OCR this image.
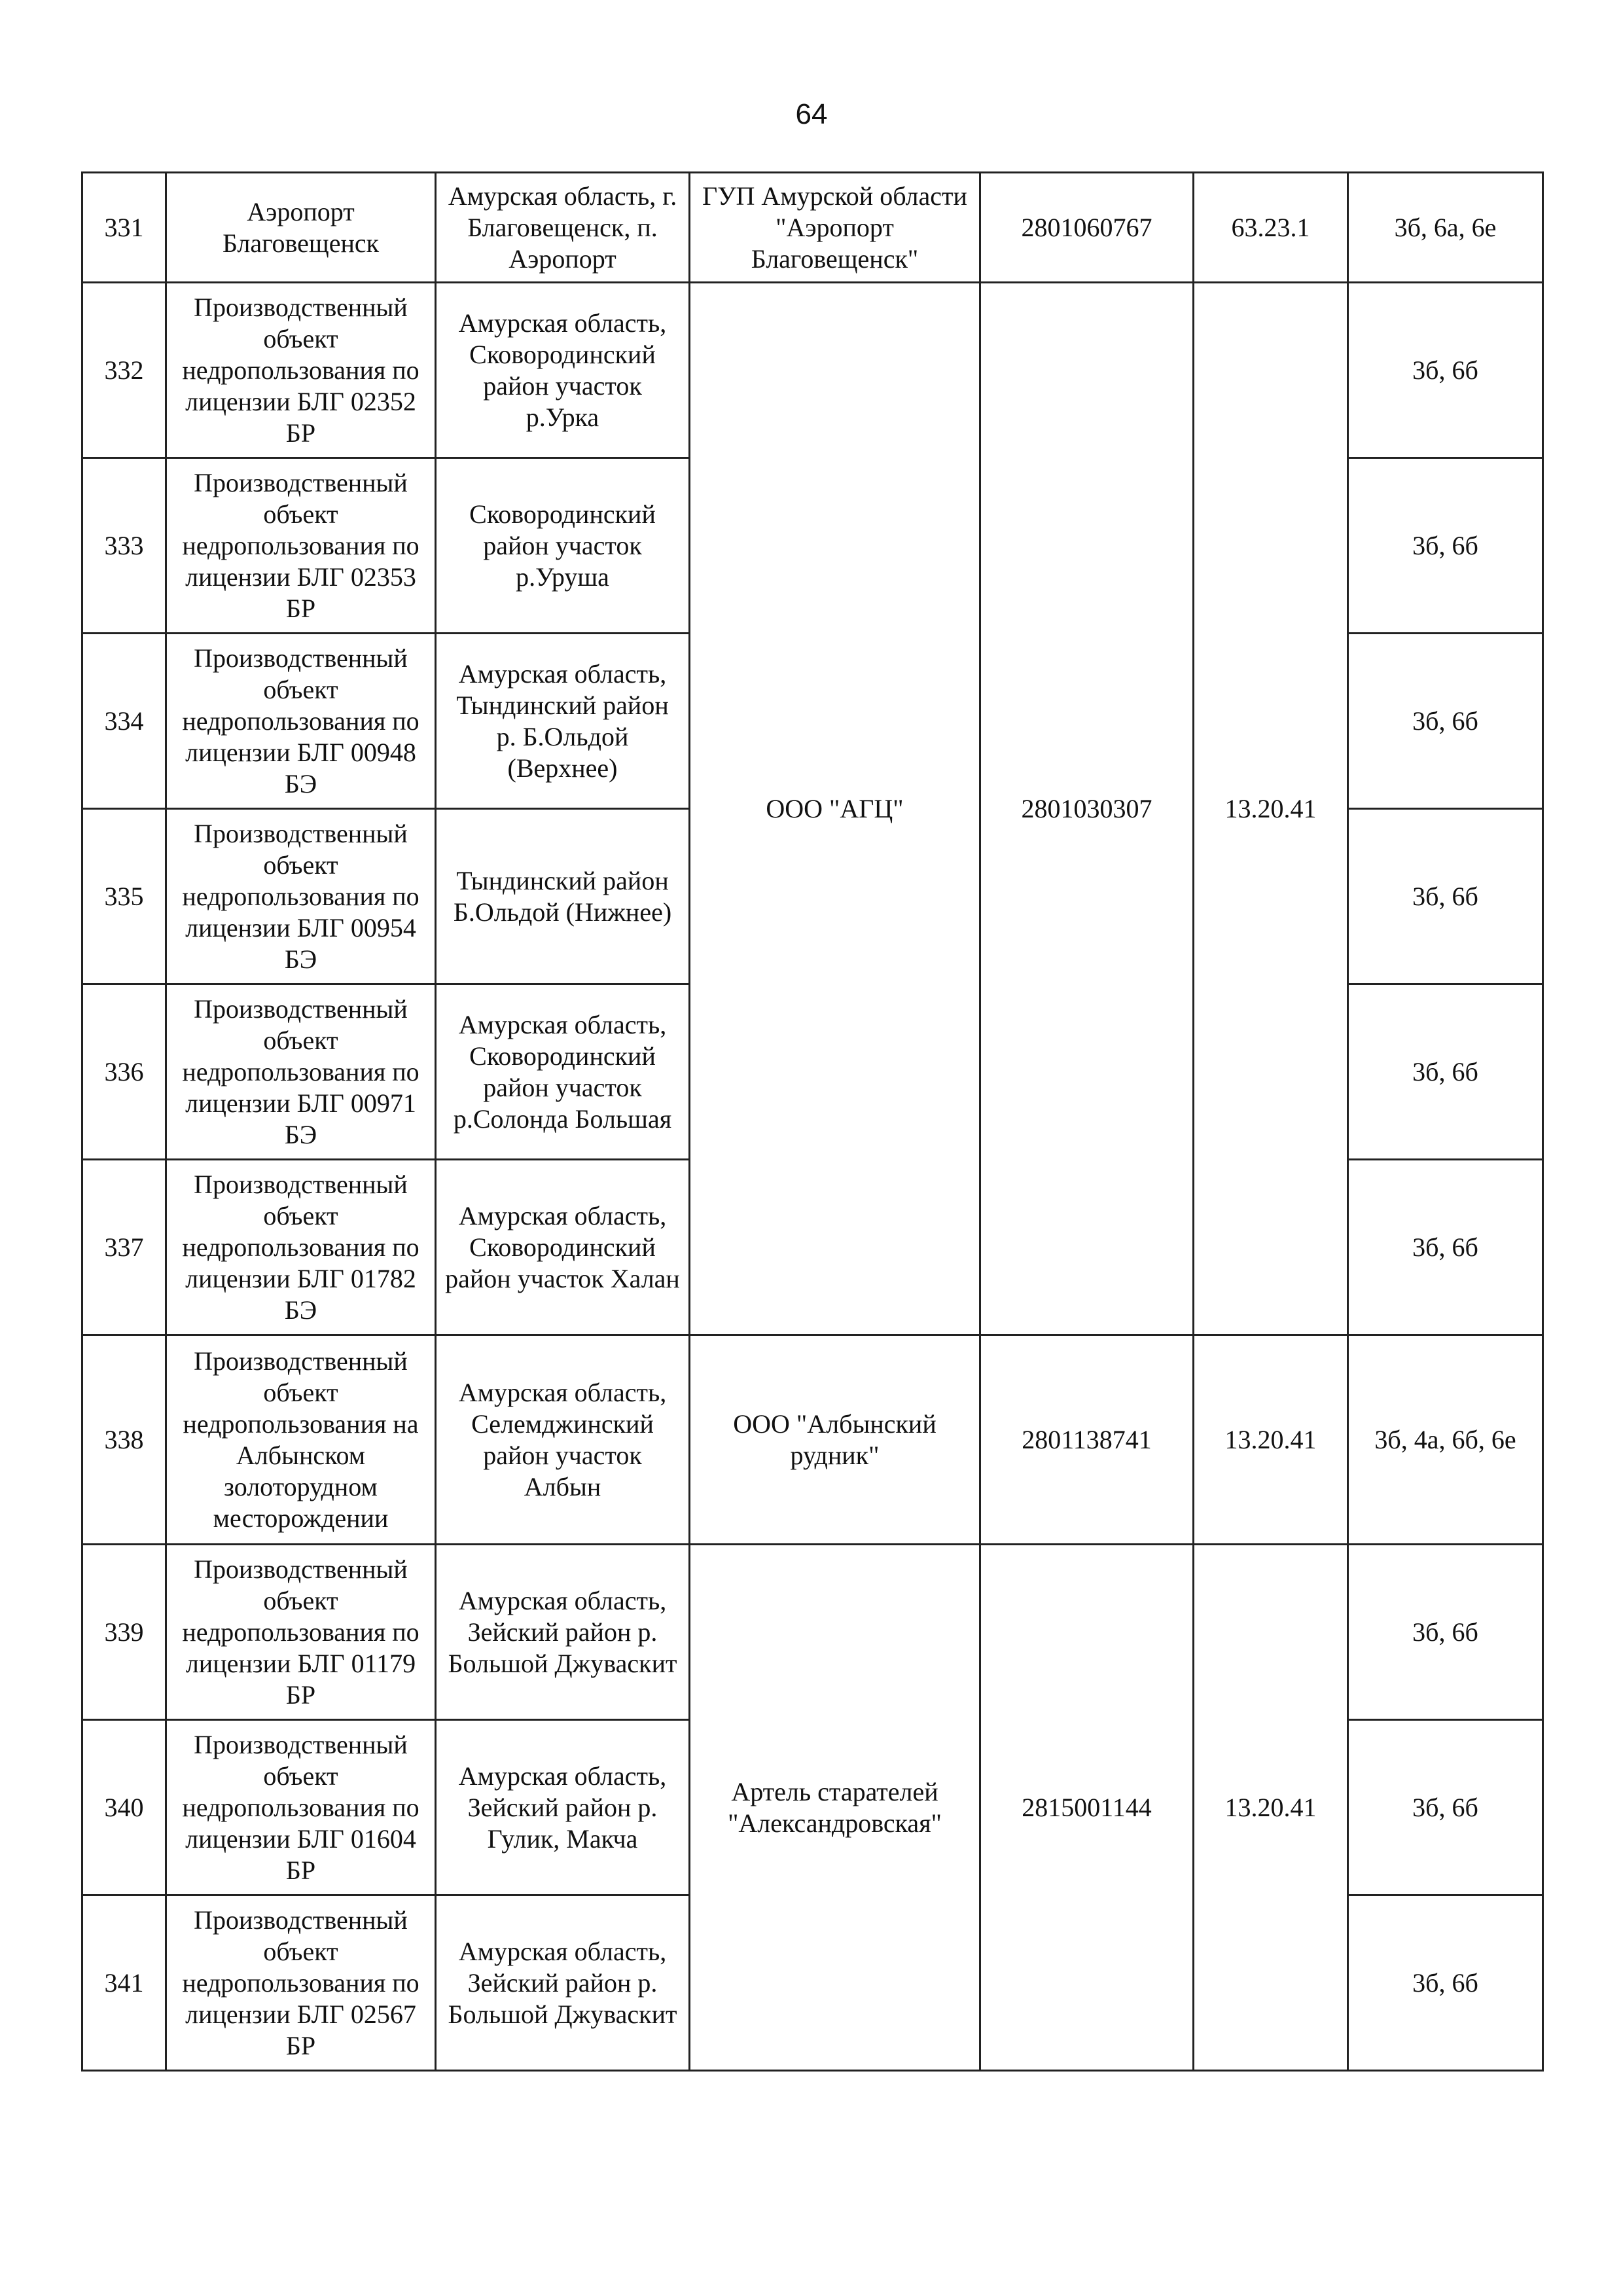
64
331	Аэропорт Благовещенск	Амурская область, г. Благовещенск, п. Аэропорт	ГУП Амурской области "Аэропорт Благовещенск"	2801060767	63.23.1	3б, 6а, 6е
332	Производственный объект недропользования по лицензии БЛГ 02352 БР	Амурская область, Сковородинский район участок р.Урка	ООО "АГЦ"	2801030307	13.20.41	3б, 6б
333	Производственный объект недропользования по лицензии БЛГ 02353 БР	Сковородинский район участок р.Уруша				3б, 6б
334	Производственный объект недропользования по лицензии БЛГ 00948 БЭ	Амурская область, Тындинский район р. Б.Ольдой (Верхнее)				3б, 6б
335	Производственный объект недропользования по лицензии БЛГ 00954 БЭ	Тындинский район Б.Ольдой (Нижнее)				3б, 6б
336	Производственный объект недропользования по лицензии БЛГ 00971 БЭ	Амурская область, Сковородинский район участок р.Солонда Большая				3б, 6б
337	Производственный объект недропользования по лицензии БЛГ 01782 БЭ	Амурская область, Сковородинский район участок Халан				3б, 6б
338	Производственный объект недропользования на Албынском золоторудном месторождении	Амурская область, Селемджинский район участок Албын	ООО "Албынский рудник"	2801138741	13.20.41	3б, 4а, 6б, 6е
339	Производственный объект недропользования по лицензии БЛГ 01179 БР	Амурская область, Зейский район р. Большой Джуваскит	Артель старателей "Александровская"	2815001144	13.20.41	3б, 6б
340	Производственный объект недропользования по лицензии БЛГ 01604 БР	Амурская область, Зейский район р. Гулик, Макча				3б, 6б
341	Производственный объект недропользования по лицензии БЛГ 02567 БР	Амурская область, Зейский район р. Большой Джуваскит				3б, 6б
